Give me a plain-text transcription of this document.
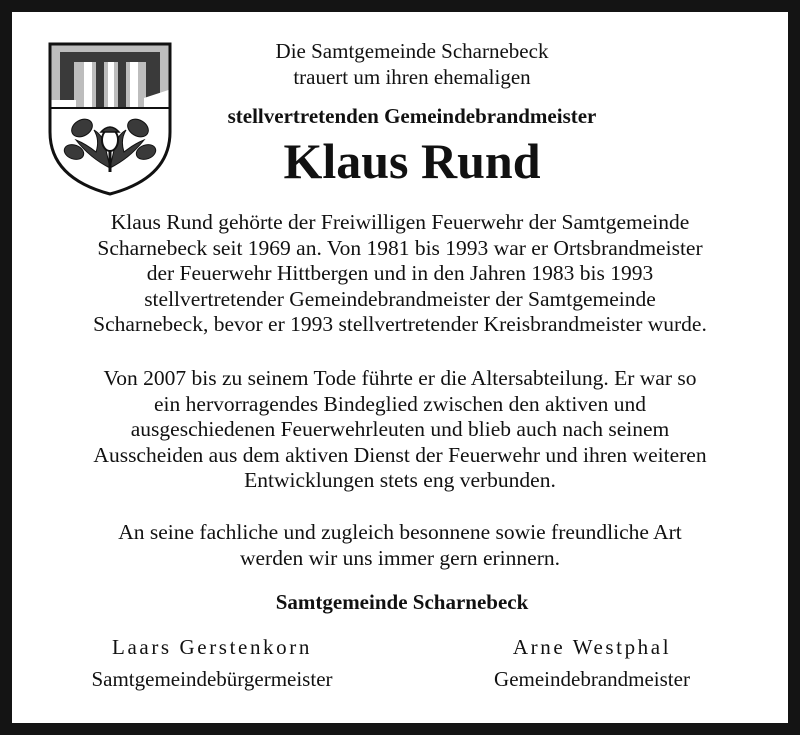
Die Samtgemeinde Scharnebeck
trauert um ihren ehemaligen
stellvertretenden Gemeindebrandmeister
Klaus Rund
Klaus Rund gehörte der Freiwilligen Feuerwehr der Samtgemeinde
Scharnebeck seit 1969 an. Von 1981 bis 1993 war er Ortsbrandmeister
der Feuerwehr Hittbergen und in den Jahren 1983 bis 1993
stellvertretender Gemeindebrandmeister der Samtgemeinde
Scharnebeck, bevor er 1993 stellvertretender Kreisbrandmeister wurde.
Von 2007 bis zu seinem Tode führte er die Altersabteilung. Er war so
ein hervorragendes Bindeglied zwischen den aktiven und
ausgeschiedenen Feuerwehrleuten und blieb auch nach seinem
Ausscheiden aus dem aktiven Dienst der Feuerwehr und ihren weiteren
Entwicklungen stets eng verbunden.
An seine fachliche und zugleich besonnene sowie freundliche Art
werden wir uns immer gern erinnern.
Samtgemeinde Scharnebeck
Laars Gerstenkorn
Samtgemeindebürgermeister
Arne Westphal
Gemeindebrandmeister
